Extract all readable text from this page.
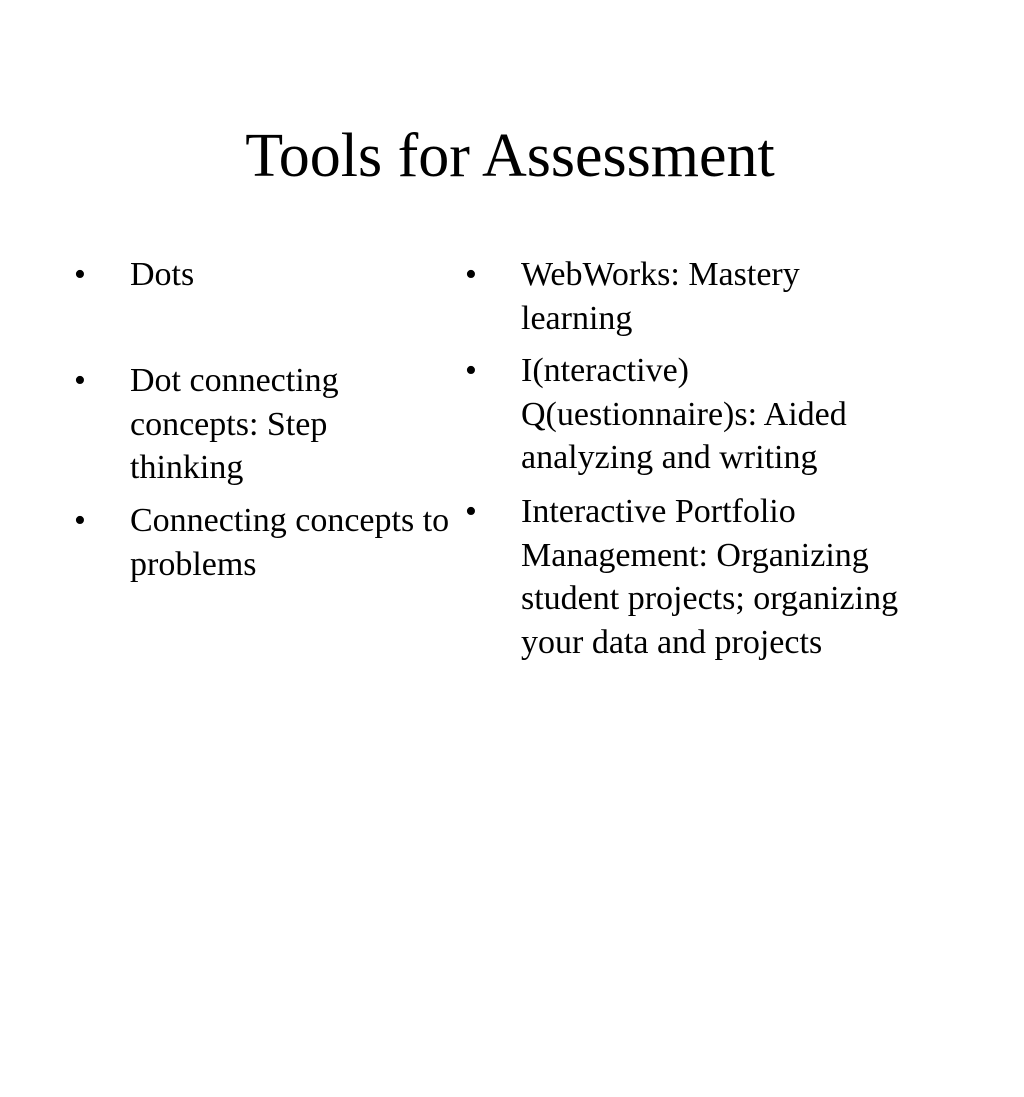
Tools for Assessment
• Dots
• Dot connecting concepts: Step thinking
• Connecting concepts to problems
• WebWorks: Mastery learning
• I(nteractive) Q(uestionnaire)s: Aided analyzing and writing
• Interactive Portfolio Management: Organizing student projects; organizing your data and projects
